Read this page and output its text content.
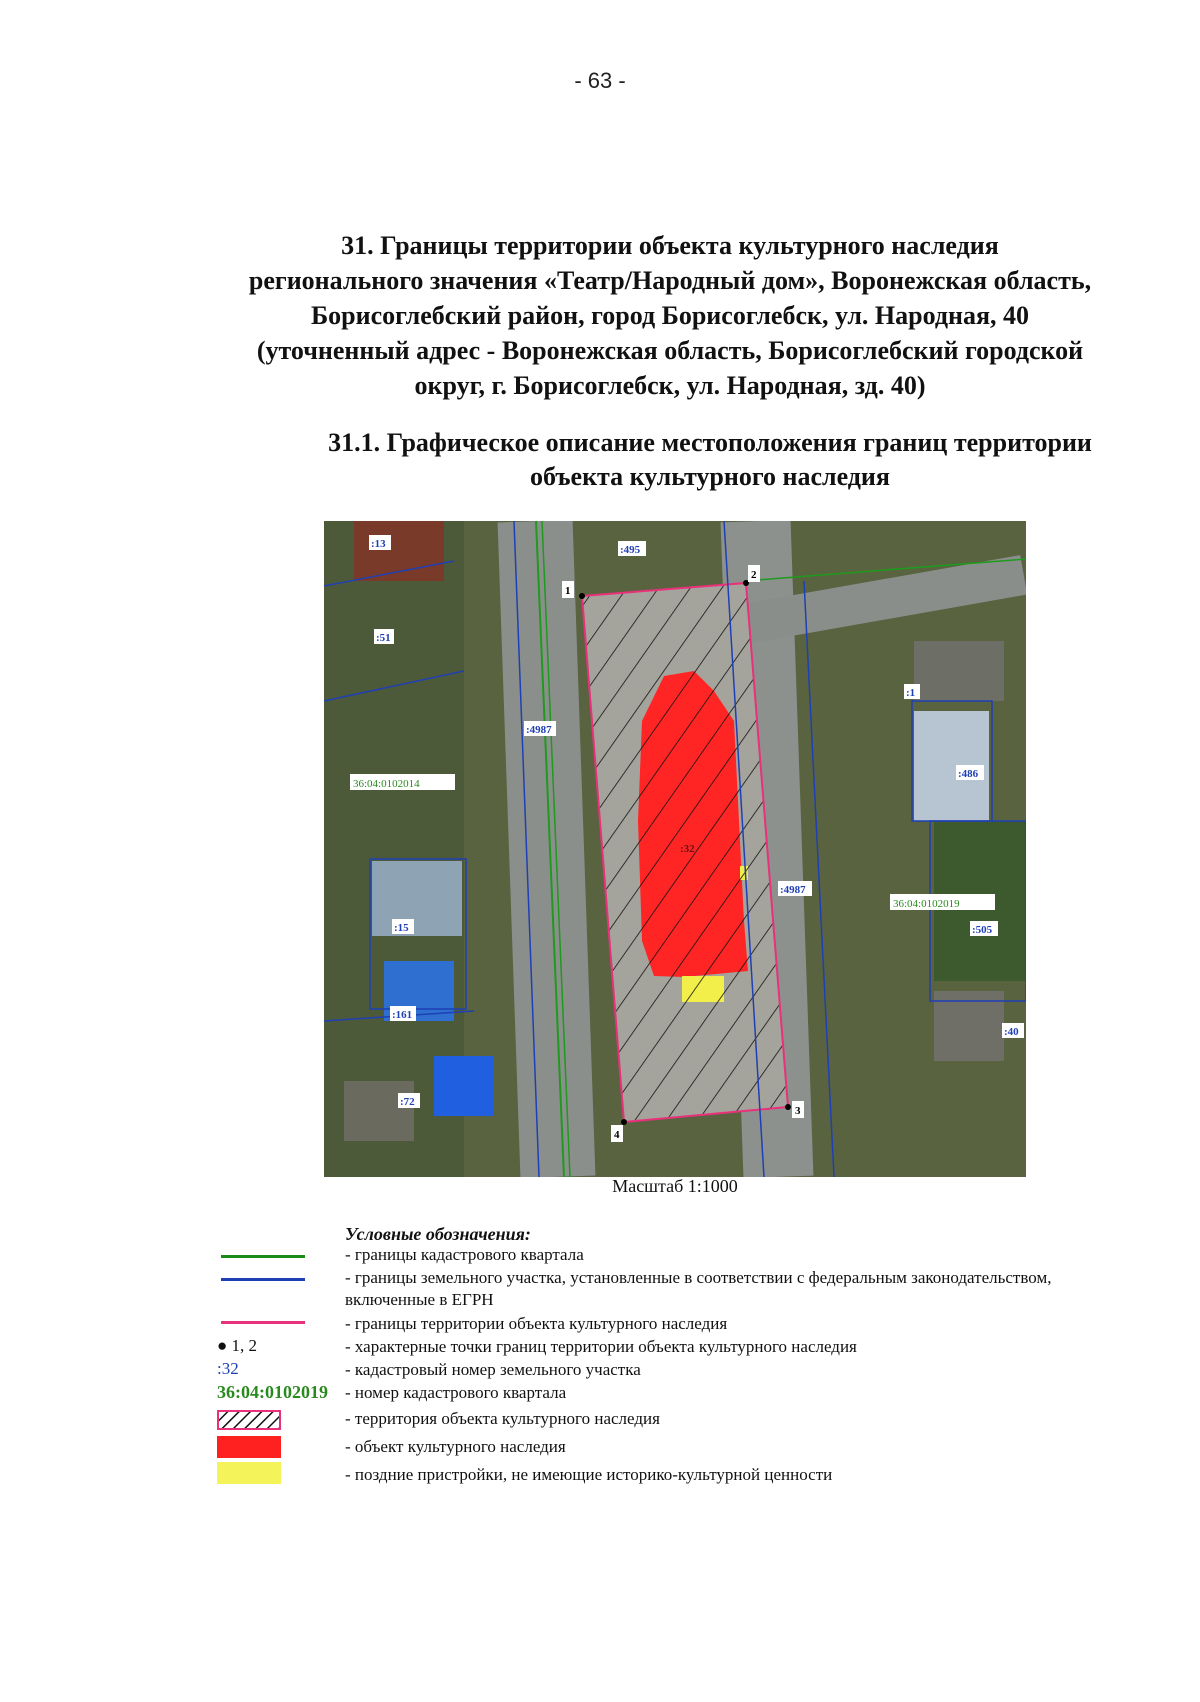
- 63 -
31. Границы территории объекта культурного наследия
регионального значения «Театр/Народный дом», Воронежская область,
Борисоглебский район, город Борисоглебск, ул. Народная, 40
(уточненный адрес - Воронежская область, Борисоглебский городской
округ, г. Борисоглебск, ул. Народная, зд. 40)
31.1. Графическое описание местоположения границ территории
объекта культурного наследия
:13	:495
:51
:4987
:1
:486
:32
:4987
:15	:505
:161
:40
:72
36:04:0102014
36:04:0102019
1
2
3
4
Масштаб 1:1000
Условные обозначения:
- границы кадастрового квартала
- границы земельного участка, установленные в соответствии с федеральным законодательством, включенные в ЕГРН
- границы территории объекта культурного наследия
● 1, 2	- характерные точки границ территории объекта культурного наследия
:32	- кадастровый номер земельного участка
36:04:0102019 - номер кадастрового квартала
- территория объекта культурного наследия
- объект культурного наследия
- поздние пристройки, не имеющие историко-культурной ценности
